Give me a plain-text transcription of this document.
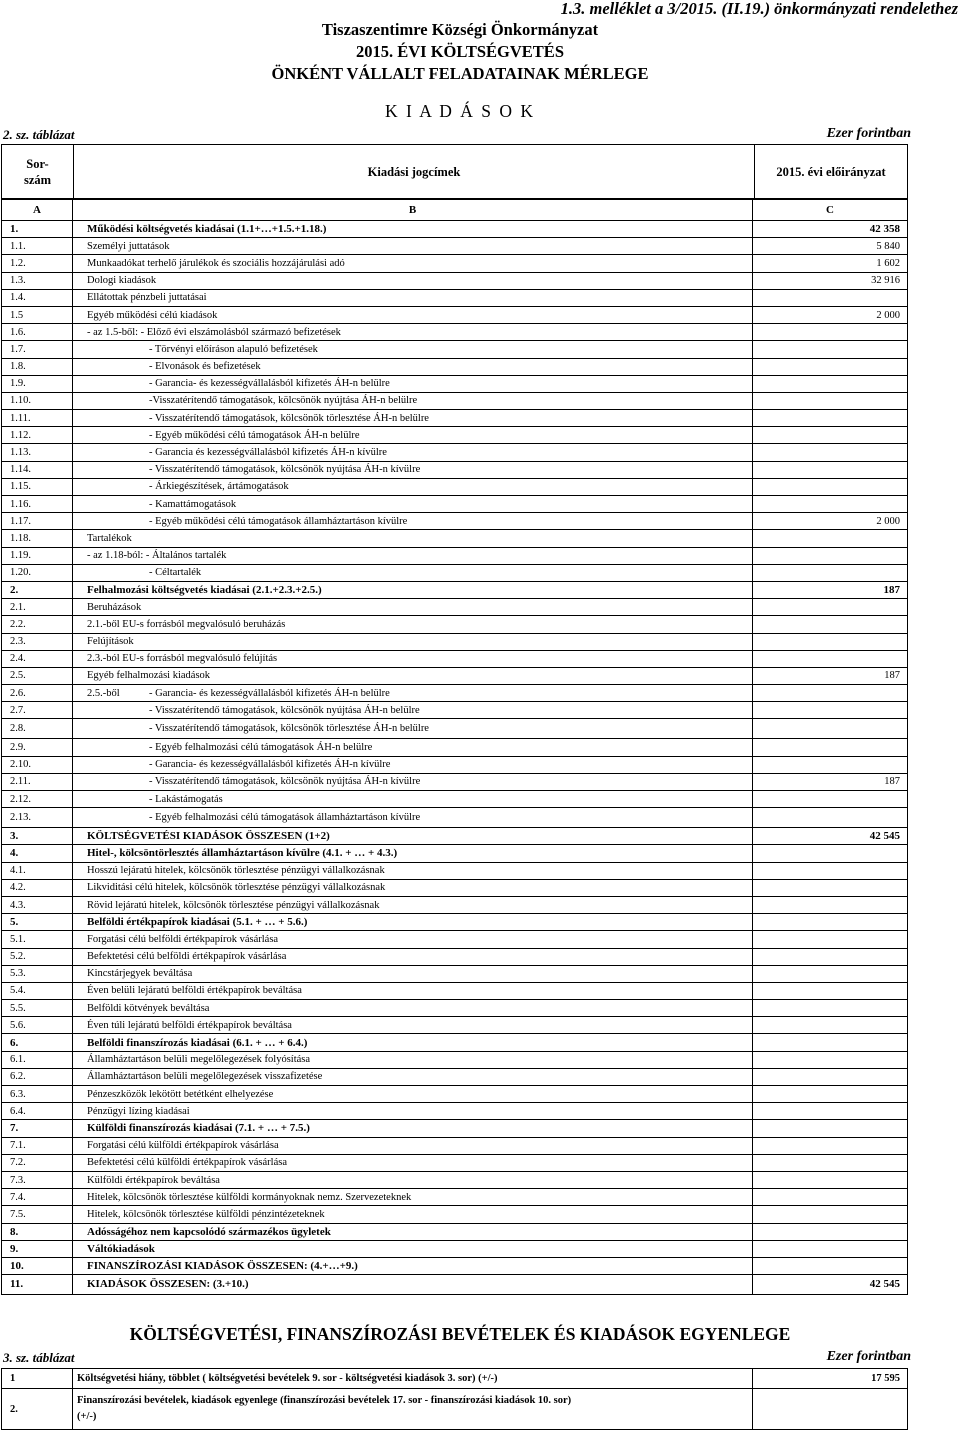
1.3. melléklet a 3/2015. (II.19.) önkormányzati rendelethez
Tiszaszentimre Községi Önkormányzat
2015. ÉVI KÖLTSÉGVETÉS
ÖNKÉNT VÁLLALT FELADATAINAK MÉRLEGE
K I A D Á S O K
2. sz. táblázat	Ezer forintban
Sor-
szám
Kiadási jogcímek	2015. évi előirányzat
A	B	C
1.	Működési költségvetés kiadásai (1.1+…+1.5.+1.18.)	42 358
1.1.	Személyi juttatások	5 840
1.2.	Munkaadókat terhelő járulékok és szociális hozzájárulási adó	1 602
1.3.	Dologi kiadások	32 916
1.4.	Ellátottak pénzbeli juttatásai
1.5	Egyéb működési célú kiadások	2 000
1.6.	- az 1.5-ből: - Előző évi elszámolásból származó befizetések
1.7.	- Törvényi előíráson alapuló befizetések
1.8.	- Elvonások és befizetések
1.9.	- Garancia- és kezességvállalásból kifizetés ÁH-n belülre
1.10.	-Visszatérítendő támogatások, kölcsönök nyújtása ÁH-n belülre
1.11.	- Visszatérítendő támogatások, kölcsönök törlesztése ÁH-n belülre
1.12.	- Egyéb működési célú támogatások ÁH-n belülre
1.13.	- Garancia és kezességvállalásból kifizetés ÁH-n kívülre
1.14.	- Visszatérítendő támogatások, kölcsönök nyújtása ÁH-n kívülre
1.15.	- Árkiegészítések, ártámogatások
1.16.	- Kamattámogatások
1.17.	- Egyéb működési célú támogatások államháztartáson kívülre	2 000
1.18.	Tartalékok
1.19.	- az 1.18-ból: - Általános tartalék
1.20.	- Céltartalék
2.	Felhalmozási költségvetés kiadásai (2.1.+2.3.+2.5.)	187
2.1.	Beruházások
2.2.	2.1.-ből EU-s forrásból megvalósuló beruházás
2.3.	Felújítások
2.4.	2.3.-ból EU-s forrásból megvalósuló felújítás
2.5.	Egyéb felhalmozási kiadások	187
2.6.	2.5.-ből	- Garancia- és kezességvállalásból kifizetés ÁH-n belülre
2.7.	- Visszatérítendő támogatások, kölcsönök nyújtása ÁH-n belülre
2.8.	- Visszatérítendő támogatások, kölcsönök törlesztése ÁH-n belülre
2.9.	- Egyéb felhalmozási célú támogatások ÁH-n belülre
2.10.	- Garancia- és kezességvállalásból kifizetés ÁH-n kívülre
2.11.	- Visszatérítendő támogatások, kölcsönök nyújtása ÁH-n kívülre	187
2.12.	- Lakástámogatás
2.13.	- Egyéb felhalmozási célú támogatások államháztartáson kívülre
3.	KÖLTSÉGVETÉSI KIADÁSOK ÖSSZESEN (1+2)	42 545
4.	Hitel-, kölcsöntörlesztés államháztartáson kívülre (4.1. + … + 4.3.)
4.1.	Hosszú lejáratú hitelek, kölcsönök törlesztése pénzügyi vállalkozásnak
4.2.	Likviditási célú hitelek, kölcsönök törlesztése pénzügyi vállalkozásnak
4.3.	Rövid lejáratú hitelek, kölcsönök törlesztése pénzügyi vállalkozásnak
5.	Belföldi értékpapírok kiadásai (5.1. + … + 5.6.)
5.1.	Forgatási célú belföldi értékpapírok vásárlása
5.2.	Befektetési célú belföldi értékpapírok vásárlása
5.3.	Kincstárjegyek beváltása
5.4.	Éven belüli lejáratú belföldi értékpapírok beváltása
5.5.	Belföldi kötvények beváltása
5.6.	Éven túli lejáratú belföldi értékpapírok beváltása
6.	Belföldi finanszírozás kiadásai (6.1. + … + 6.4.)
6.1.	Államháztartáson belüli megelőlegezések folyósítása
6.2.	Államháztartáson belüli megelőlegezések visszafizetése
6.3.	Pénzeszközök lekötött betétként elhelyezése
6.4.	Pénzügyi lízing kiadásai
7.	Külföldi finanszírozás kiadásai (7.1. + … + 7.5.)
7.1.	Forgatási célú külföldi értékpapírok vásárlása
7.2.	Befektetési célú külföldi értékpapírok vásárlása
7.3.	Külföldi értékpapírok beváltása
7.4.	Hitelek, kölcsönök törlesztése külföldi kormányoknak nemz. Szervezeteknek
7.5.	Hitelek, kölcsönök törlesztése külföldi pénzintézeteknek
8.	Adósságéhoz nem kapcsolódó származékos ügyletek
9.	Váltókiadások
10.	FINANSZÍROZÁSI KIADÁSOK ÖSSZESEN: (4.+…+9.)
11.	KIADÁSOK ÖSSZESEN: (3.+10.)	42 545
KÖLTSÉGVETÉSI, FINANSZÍROZÁSI BEVÉTELEK ÉS KIADÁSOK EGYENLEGE
3. sz. táblázat	Ezer forintban
1	Költségvetési hiány, többlet ( költségvetési bevételek 9. sor - költségvetési kiadások 3. sor) (+/-)	17 595
2.
Finanszírozási bevételek, kiadások egyenlege (finanszírozási bevételek 17. sor - finanszírozási kiadások 10. sor)
(+/-)
